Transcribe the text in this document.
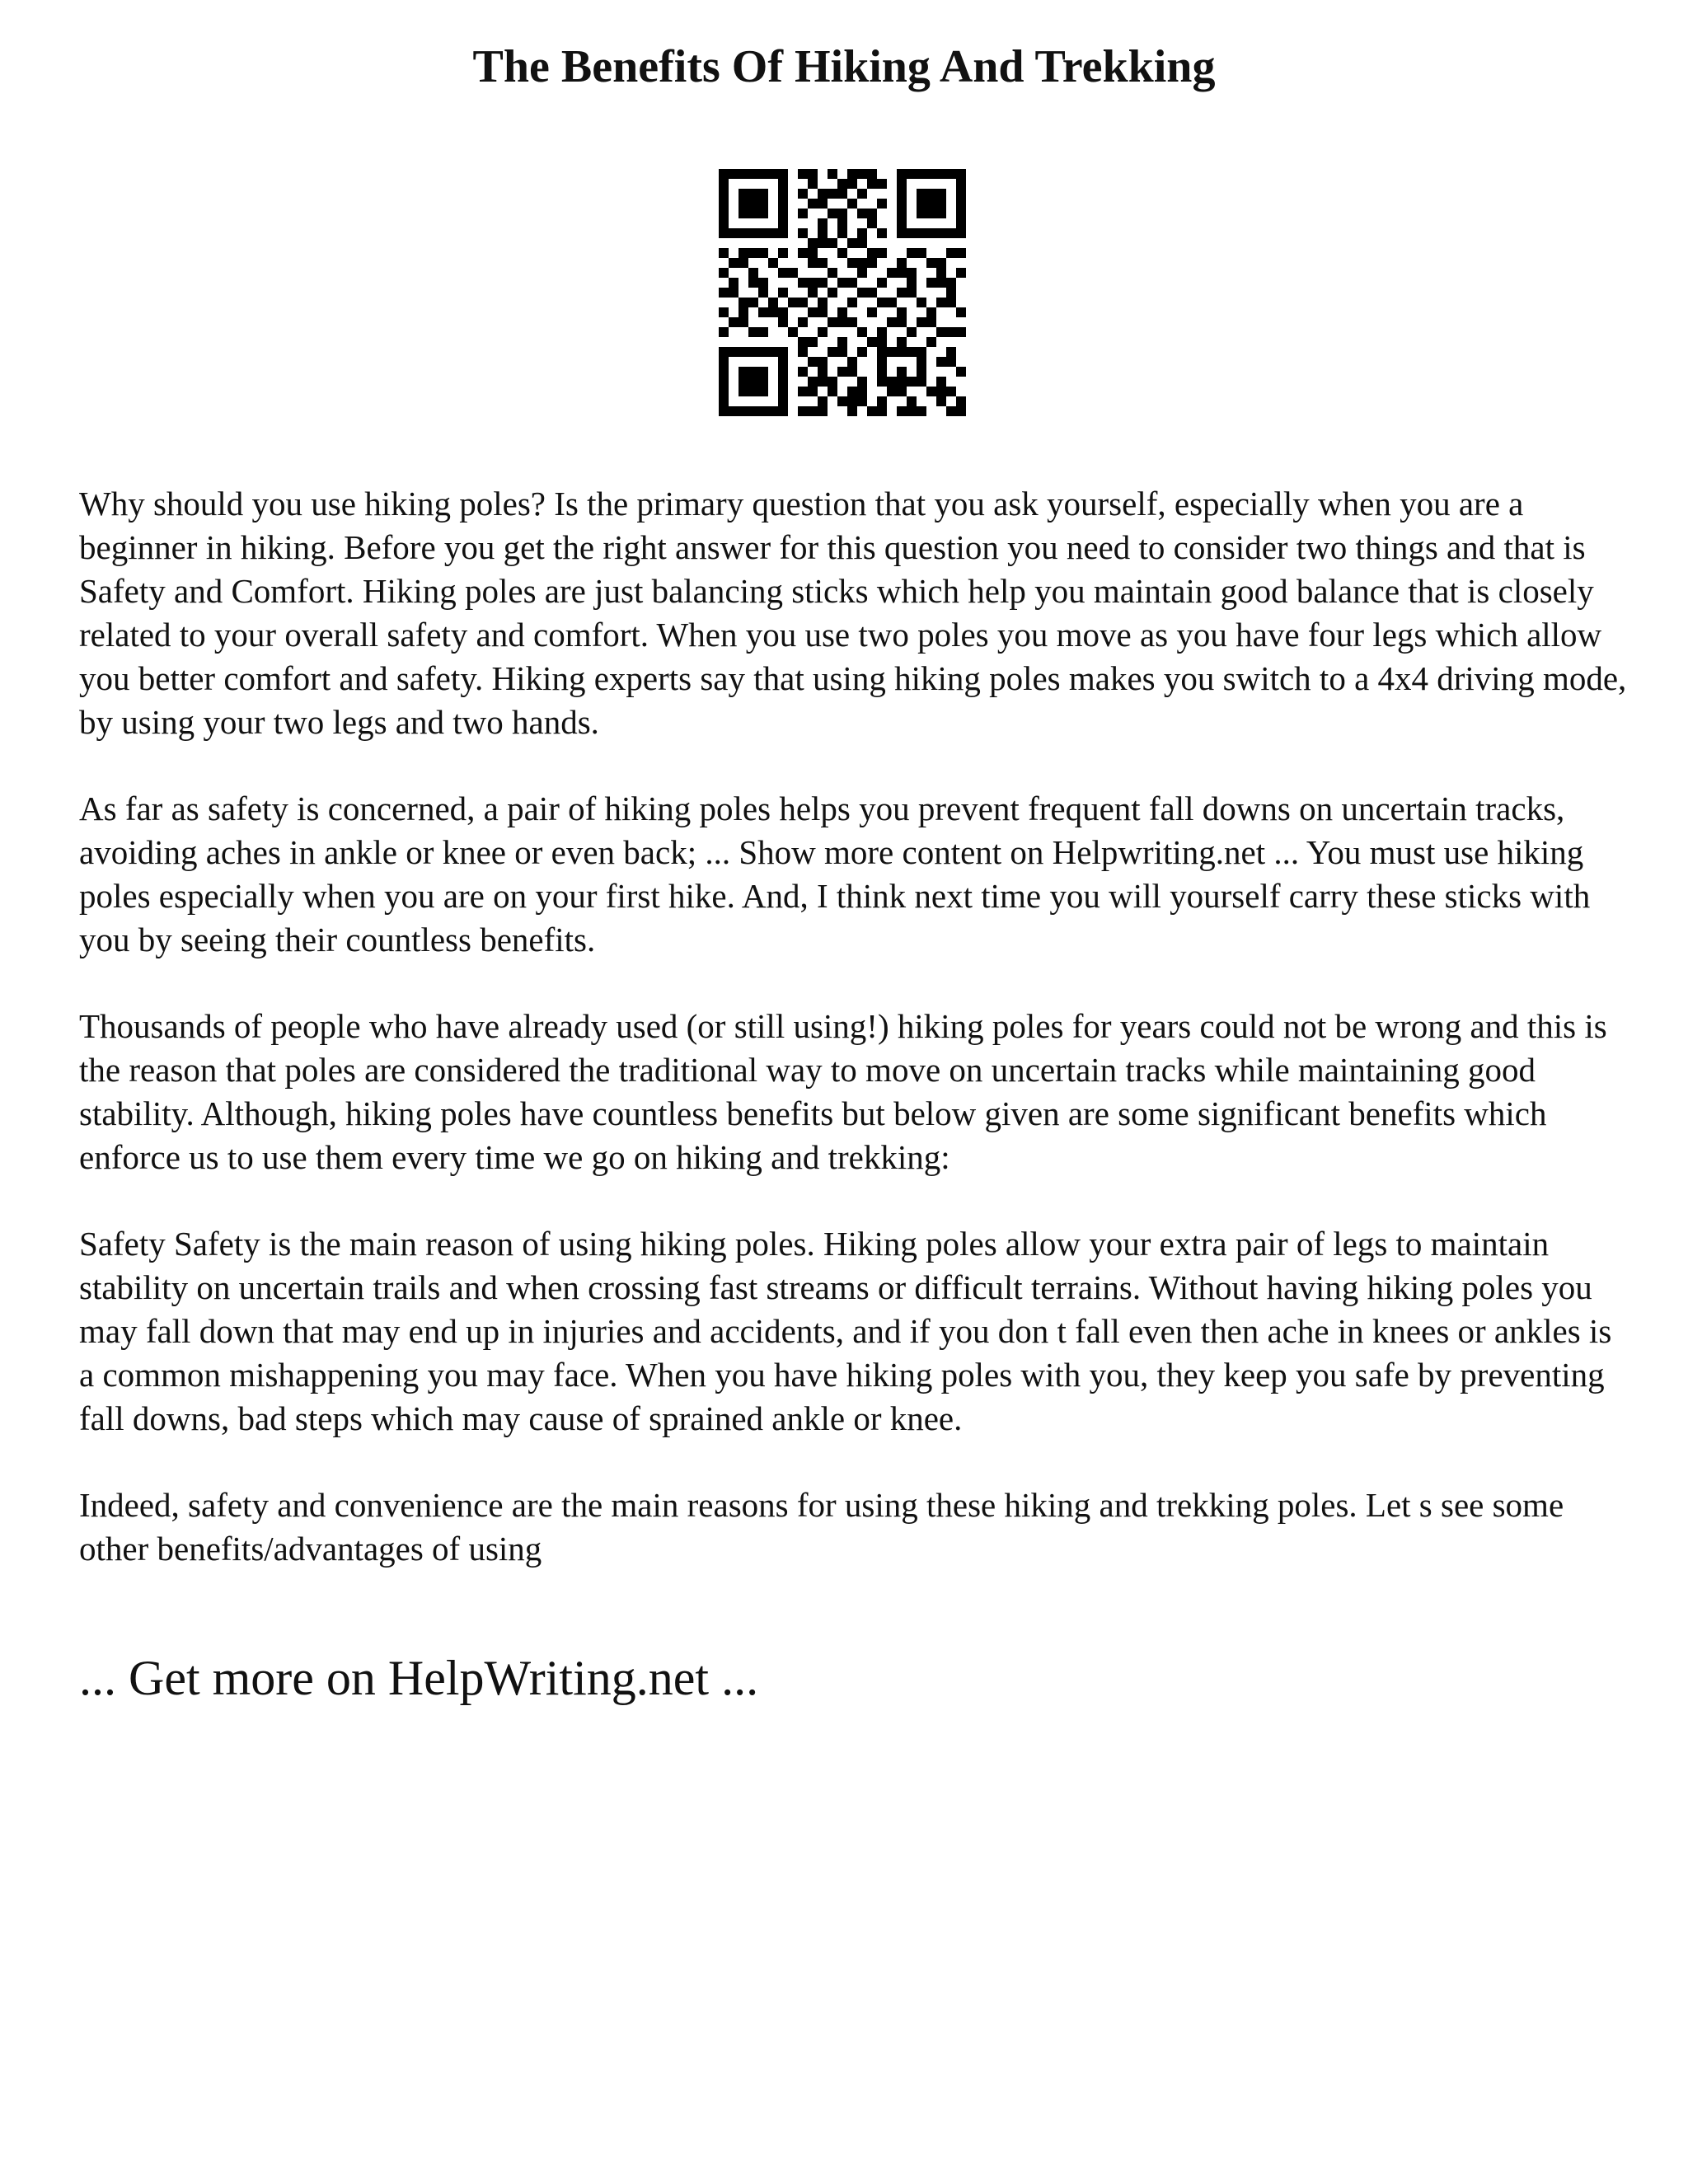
The Benefits Of Hiking And Trekking

Why should you use hiking poles? Is the primary question that you ask yourself, especially when you are a beginner in hiking. Before you get the right answer for this question you need to consider two things and that is Safety and Comfort. Hiking poles are just balancing sticks which help you maintain good balance that is closely related to your overall safety and comfort. When you use two poles you move as you have four legs which allow you better comfort and safety. Hiking experts say that using hiking poles makes you switch to a 4x4 driving mode, by using your two legs and two hands.

As far as safety is concerned, a pair of hiking poles helps you prevent frequent fall downs on uncertain tracks, avoiding aches in ankle or knee or even back; ... Show more content on Helpwriting.net ... You must use hiking poles especially when you are on your first hike. And, I think next time you will yourself carry these sticks with you by seeing their countless benefits.

Thousands of people who have already used (or still using!) hiking poles for years could not be wrong and this is the reason that poles are considered the traditional way to move on uncertain tracks while maintaining good stability. Although, hiking poles have countless benefits but below given are some significant benefits which enforce us to use them every time we go on hiking and trekking:

Safety Safety is the main reason of using hiking poles. Hiking poles allow your extra pair of legs to maintain stability on uncertain trails and when crossing fast streams or difficult terrains. Without having hiking poles you may fall down that may end up in injuries and accidents, and if you don t fall even then ache in knees or ankles is a common mishappening you may face. When you have hiking poles with you, they keep you safe by preventing fall downs, bad steps which may cause of sprained ankle or knee.

Indeed, safety and convenience are the main reasons for using these hiking and trekking poles. Let s see some other benefits/advantages of using

... Get more on HelpWriting.net ...
